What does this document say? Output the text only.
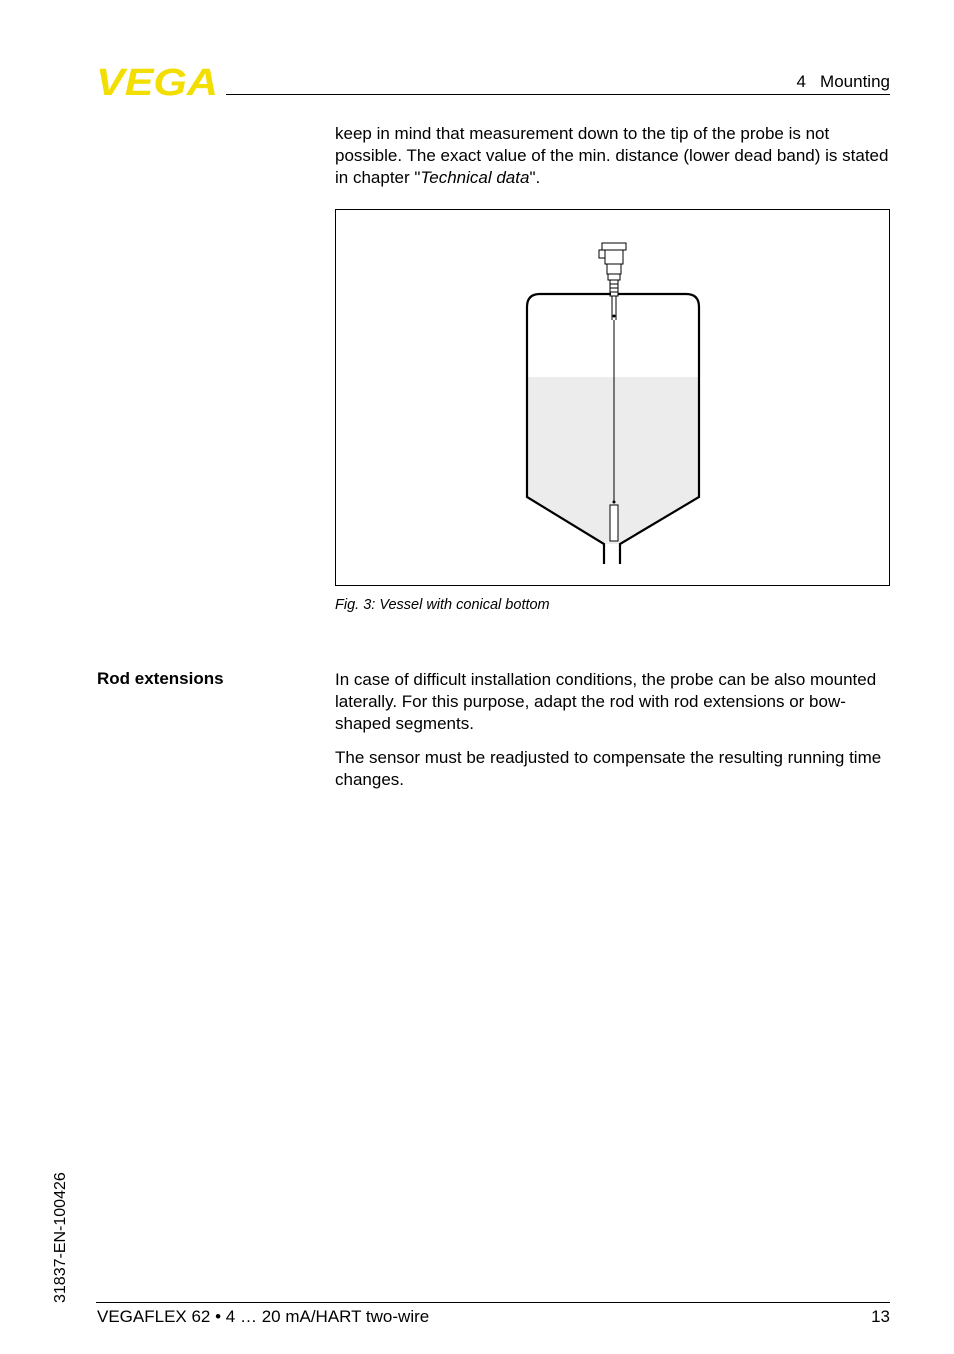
VEGA	4   Mounting

keep in mind that measurement down to the tip of the probe is not possible. The exact value of the min. distance (lower dead band) is stated in chapter "Technical data".

Fig. 3: Vessel with conical bottom
Rod extensions	In case of difficult installation conditions, the probe can be also mounted laterally. For this purpose, adapt the rod with rod extensions or bow-shaped segments.

The sensor must be readjusted to compensate the resulting running time changes.

31837-EN-100426
VEGAFLEX 62 • 4 … 20 mA/HART two-wire	13
